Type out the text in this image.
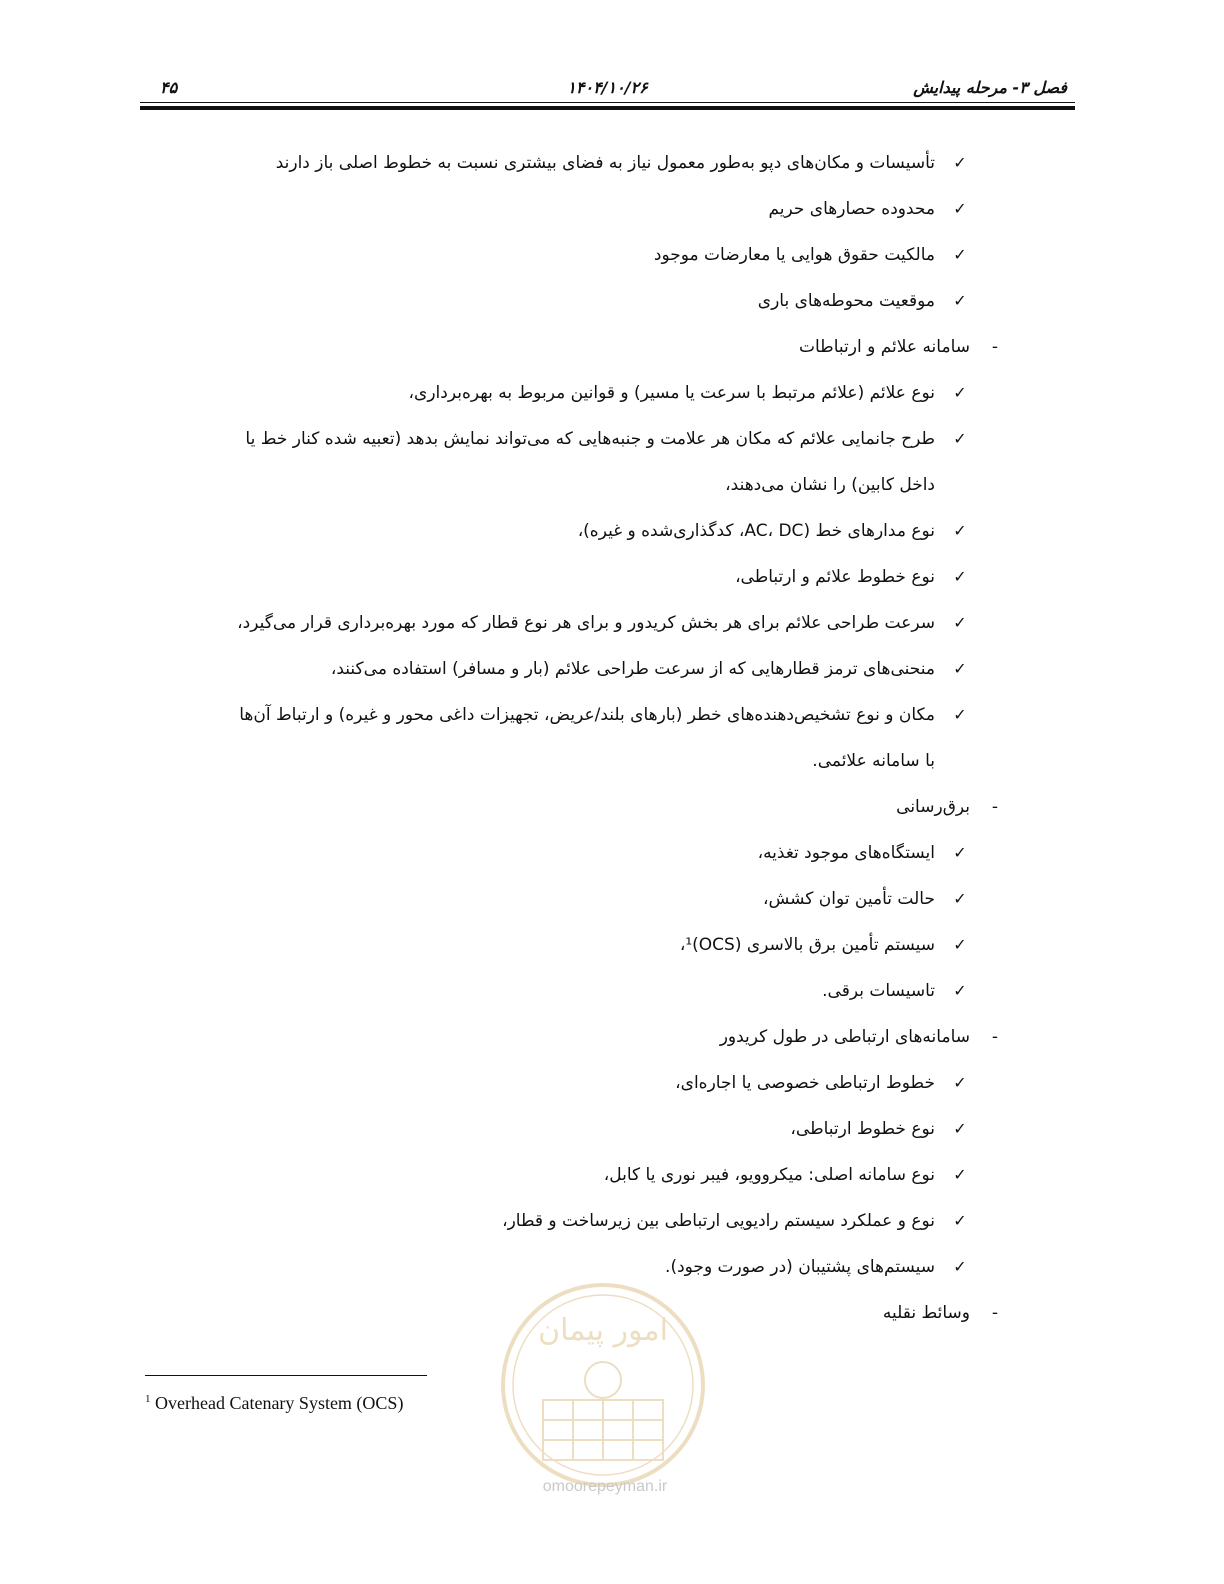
۴۵	۱۴۰۴/۱۰/۲۶	فصل ۳- مرحله پیدایش
✓
تأسیسات و مکان‌های دپو به‌طور معمول نیاز به فضای بیشتری نسبت به خطوط اصلی باز دارند
✓
محدوده حصارهای حریم
✓
مالکیت حقوق هوایی یا معارضات موجود
✓
موقعیت محوطه‌های باری
-
سامانه علائم و ارتباطات
✓
نوع علائم (علائم مرتبط با سرعت یا مسیر) و قوانین مربوط به بهره‌برداری،
✓
طرح جانمایی علائم که مکان هر علامت و جنبه‌هایی که می‌تواند نمایش بدهد (تعبیه شده کنار خط یا
داخل کابین) را نشان می‌دهند،
✓
نوع مدارهای خط (AC، DC، کدگذاری‌شده و غیره)،
✓
نوع خطوط علائم و ارتباطی،
✓
سرعت طراحی علائم برای هر بخش کریدور و برای هر نوع قطار که مورد بهره‌برداری قرار می‌گیرد،
✓
منحنی‌های ترمز قطارهایی که از سرعت طراحی علائم (بار و مسافر) استفاده می‌کنند،
✓
مکان و نوع تشخیص‌دهنده‌های خطر (بارهای بلند/عریض، تجهیزات داغی محور و غیره) و ارتباط آن‌ها
با سامانه علائمی.
-
برق‌رسانی
✓
ایستگاه‌های موجود تغذیه،
✓
حالت تأمین توان کشش،
✓
سیستم تأمین برق بالاسری (OCS)¹،
✓
تاسیسات برقی.
-
سامانه‌های ارتباطی در طول کریدور
✓
خطوط ارتباطی خصوصی یا اجاره‌ای،
✓
نوع خطوط ارتباطی،
✓
نوع سامانه اصلی: میکروویو، فیبر نوری یا کابل،
✓
نوع و عملکرد سیستم رادیویی ارتباطی بین زیرساخت و قطار،
✓
سیستم‌های پشتیبان (در صورت وجود).
-
وسائط نقلیه
$^1$ Overhead Catenary System (OCS)
امور پیمان
omoorepeyman.ir
